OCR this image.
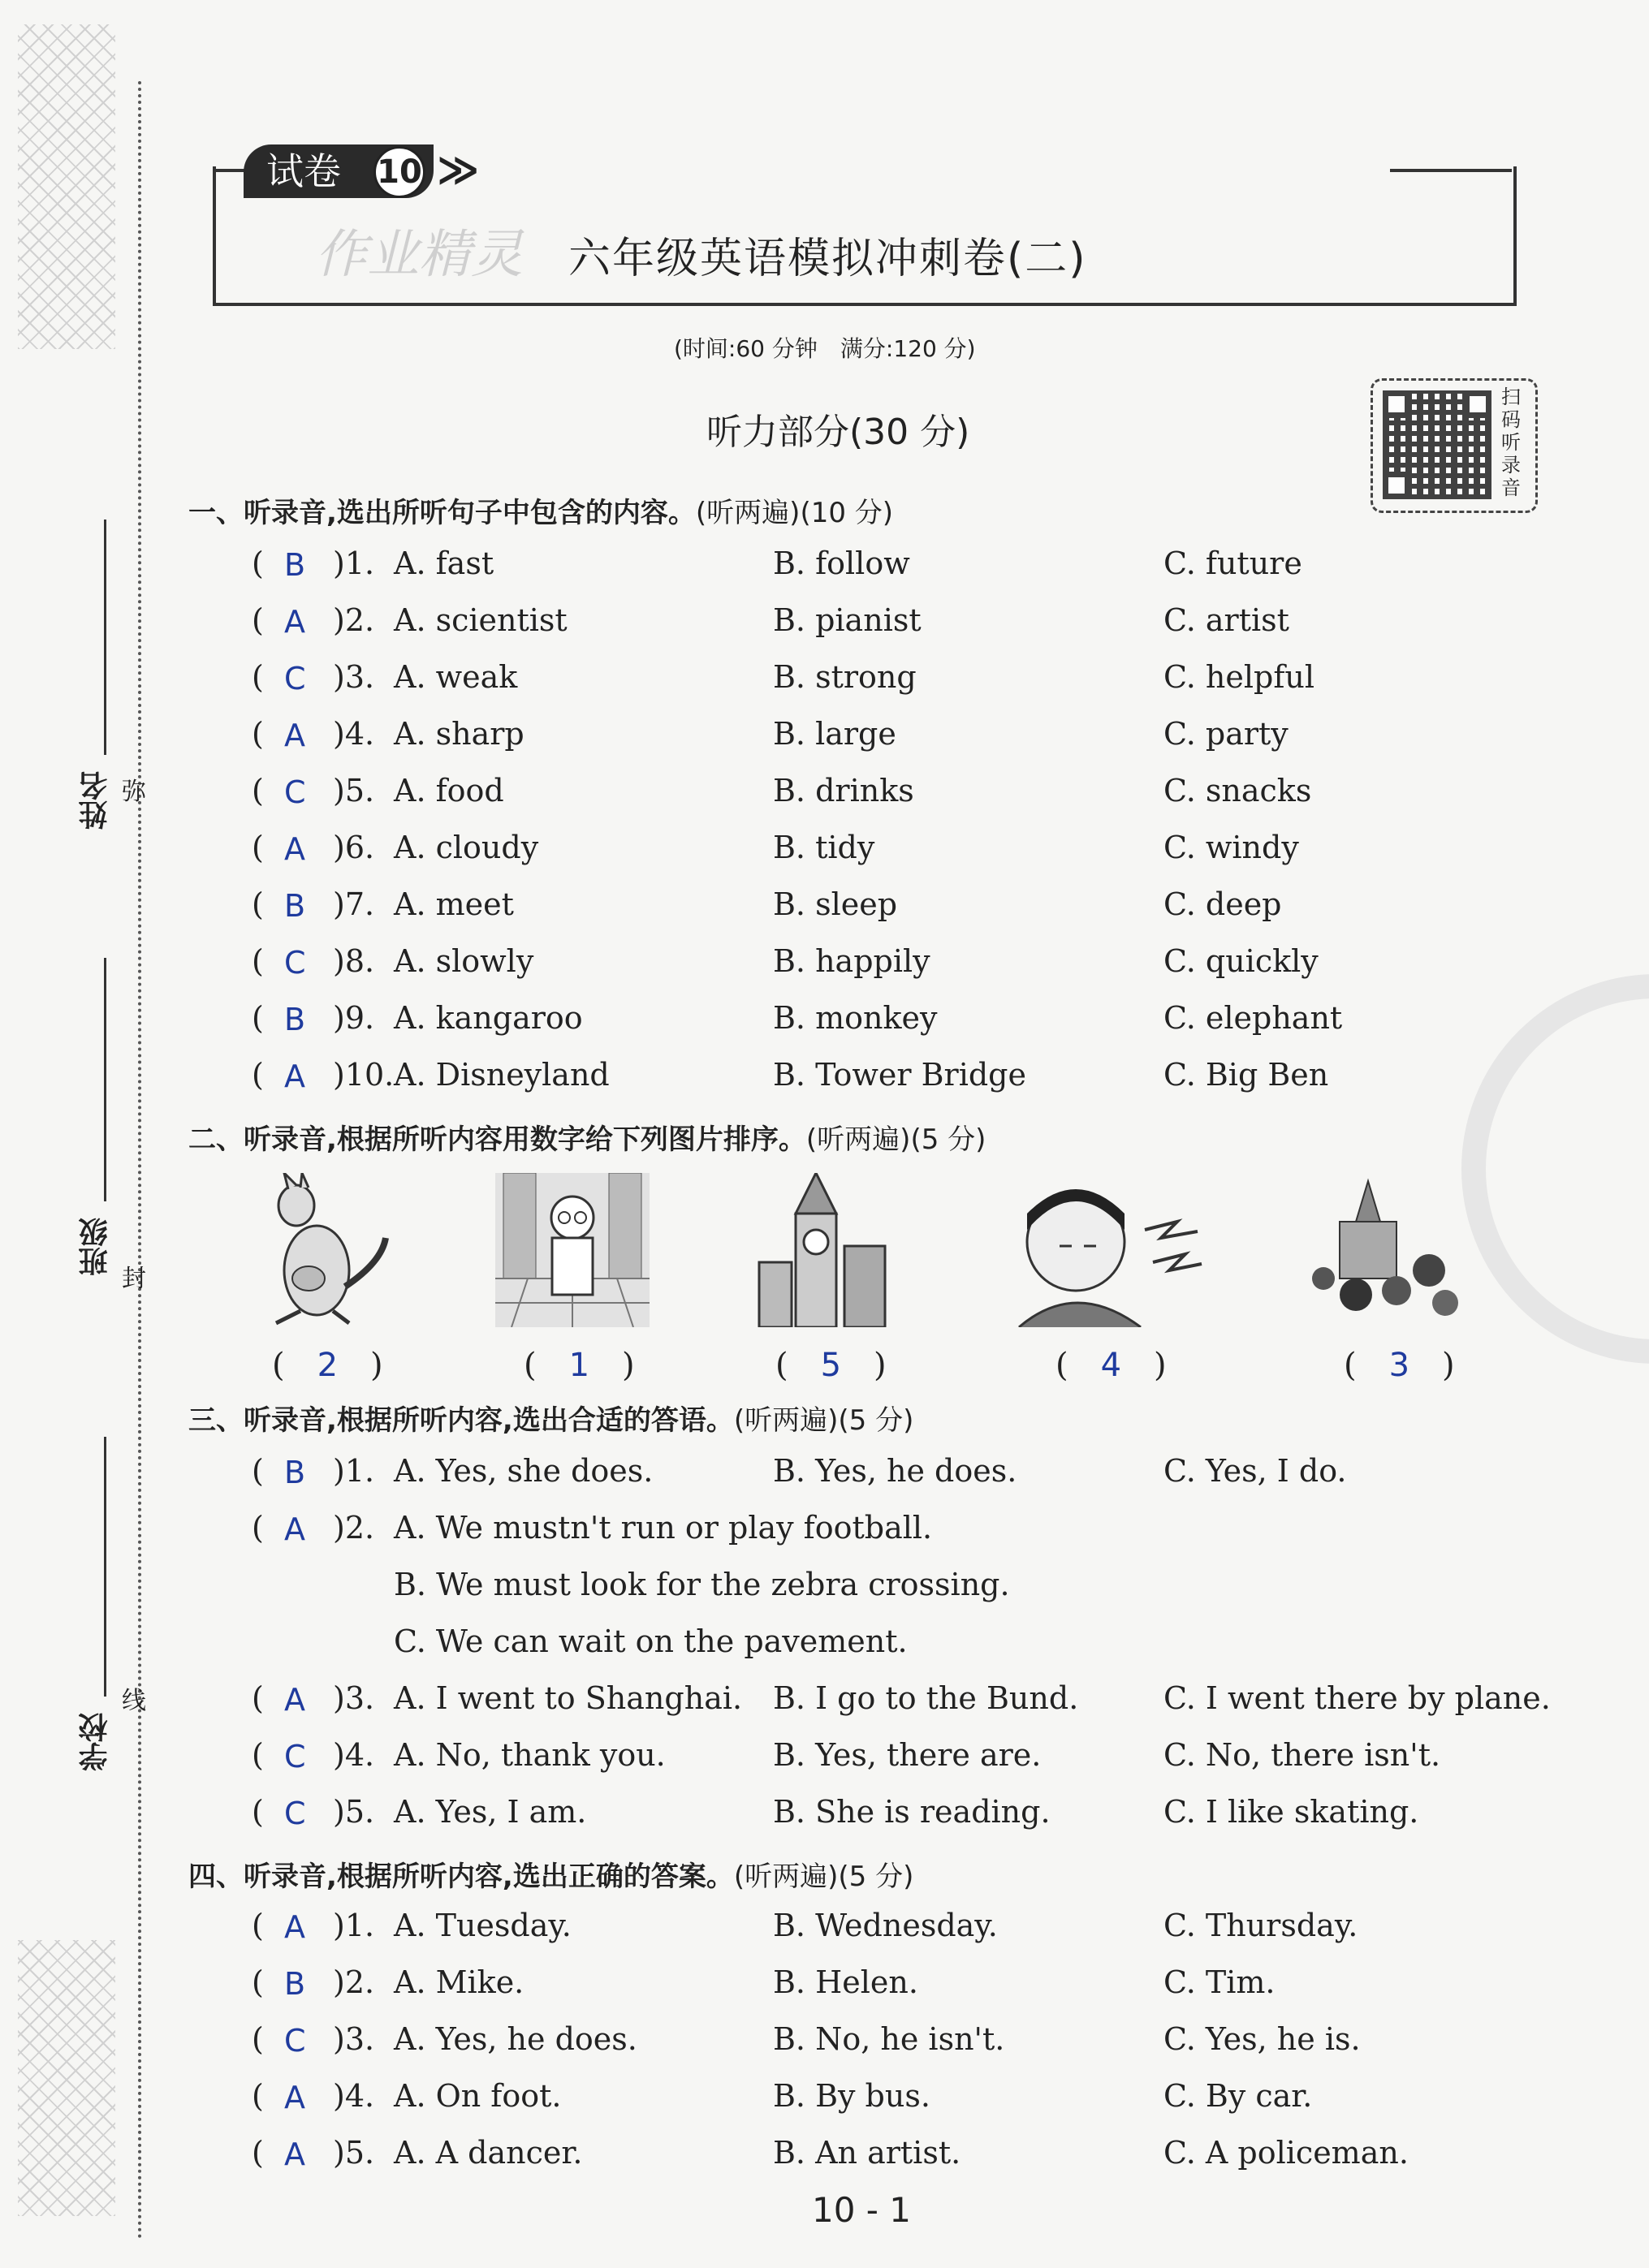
姓名
班级
学校
弥
封
线
试卷 10 ≫
作业精灵 六年级英语模拟冲刺卷(二)
(时间:60 分钟　满分:120 分)
听力部分(30 分)
扫码听录音
一、听录音,选出所听句子中包含的内容。(听两遍)(10 分)
( B )1. A. fast	B. follow	C. future
( A )2. A. scientist	B. pianist	C. artist
( C )3. A. weak	B. strong	C. helpful
( A )4. A. sharp	B. large	C. party
( C )5. A. food	B. drinks	C. snacks
( A )6. A. cloudy	B. tidy	C. windy
( B )7. A. meet	B. sleep	C. deep
( C )8. A. slowly	B. happily	C. quickly
( B )9. A. kangaroo	B. monkey	C. elephant
( A )10. A. Disneyland	B. Tower Bridge	C. Big Ben
二、听录音,根据所听内容用数字给下列图片排序。(听两遍)(5 分)
(　2　)	(　1　)	(　5　)	(　4　)	(　3　)
三、听录音,根据所听内容,选出合适的答语。(听两遍)(5 分)
( B )1. A. Yes, she does.	B. Yes, he does.	C. Yes, I do.
( A )2. A. We mustn't run or play football.
B. We must look for the zebra crossing.
C. We can wait on the pavement.
( A )3. A. I went to Shanghai. B. I go to the Bund.	C. I went there by plane.
( C )4. A. No, thank you.	B. Yes, there are.	C. No, there isn't.
( C )5. A. Yes, I am.	B. She is reading.	C. I like skating.
四、听录音,根据所听内容,选出正确的答案。(听两遍)(5 分)
( A )1. A. Tuesday.	B. Wednesday.	C. Thursday.
( B )2. A. Mike.	B. Helen.	C. Tim.
( C )3. A. Yes, he does.	B. No, he isn't.	C. Yes, he is.
( A )4. A. On foot.	B. By bus.	C. By car.
( A )5. A. A dancer.	B. An artist.	C. A policeman.
10 - 1
